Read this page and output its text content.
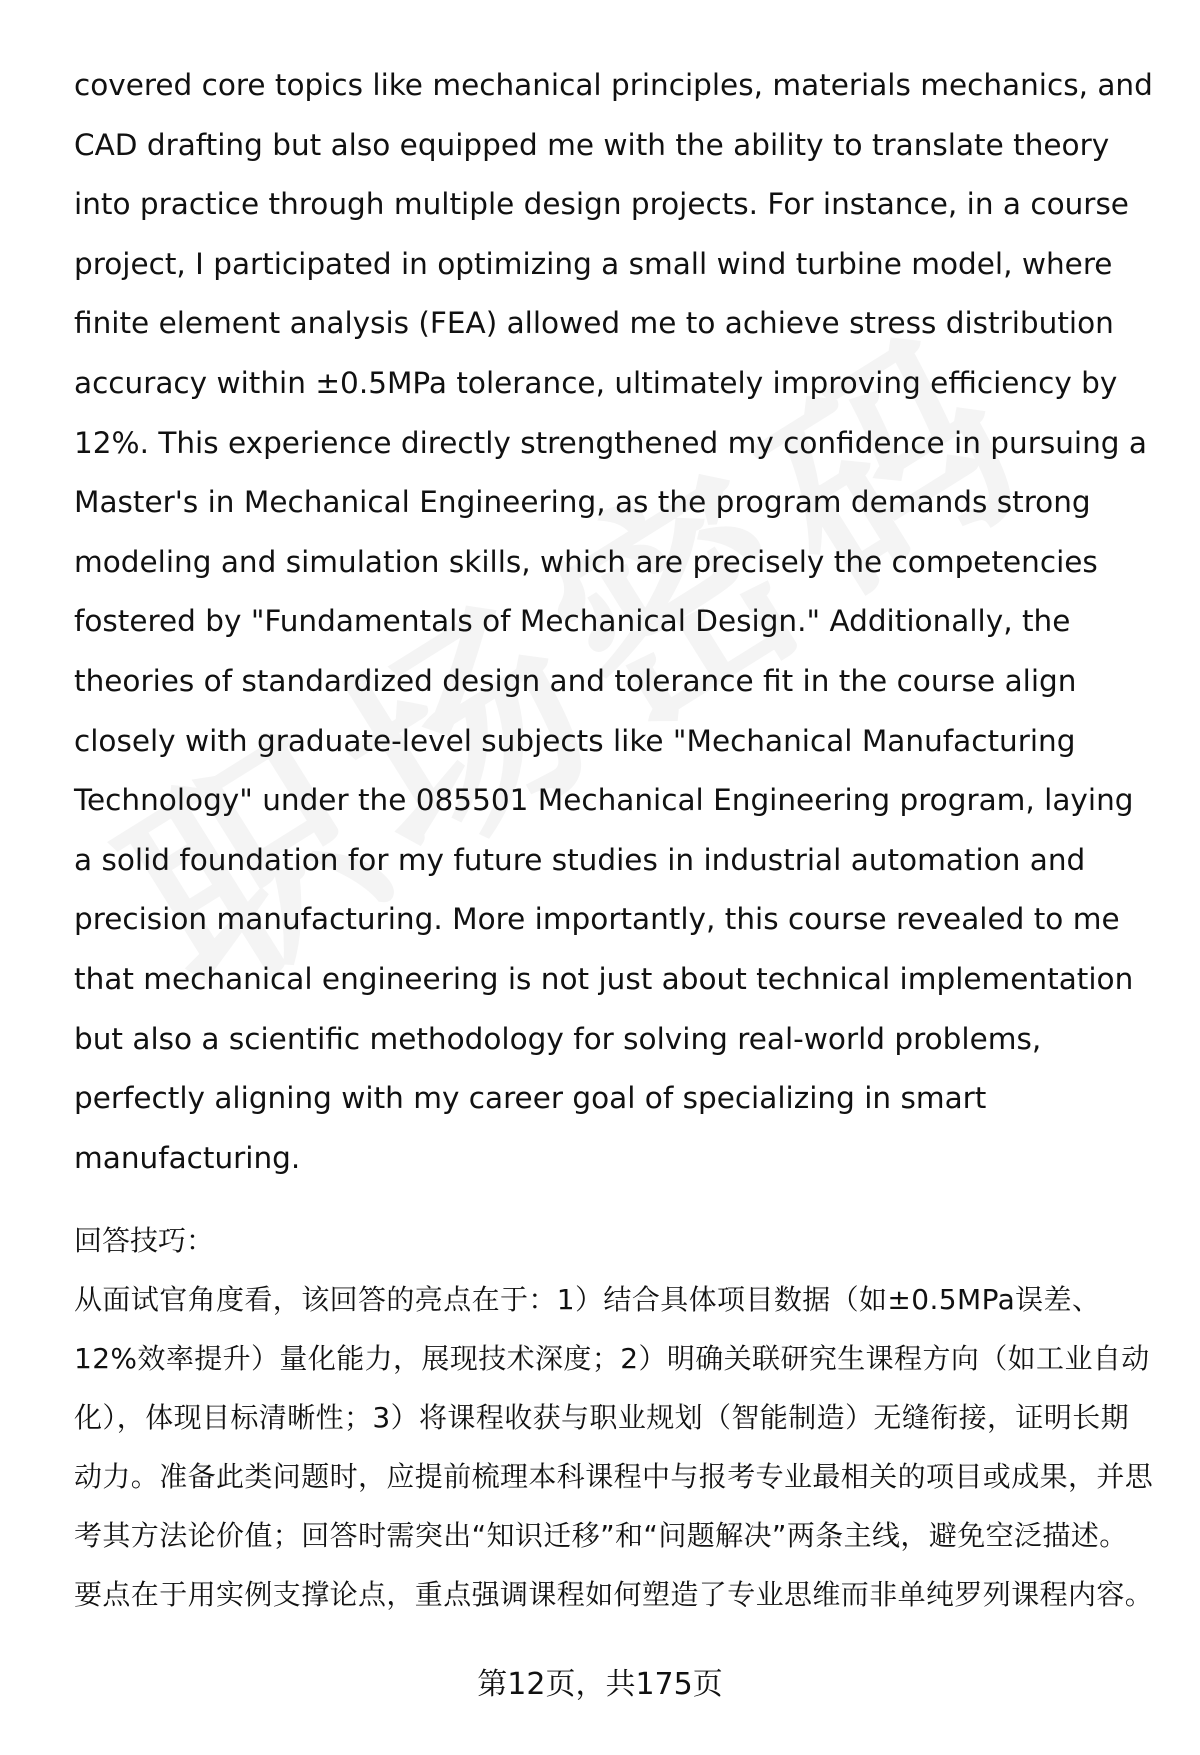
covered core topics like mechanical principles, materials mechanics, and CAD drafting but also equipped me with the ability to translate theory into practice through multiple design projects. For instance, in a course project, I participated in optimizing a small wind turbine model, where finite element analysis (FEA) allowed me to achieve stress distribution accuracy within ±0.5MPa tolerance, ultimately improving efficiency by 12%. This experience directly strengthened my confidence in pursuing a Master's in Mechanical Engineering, as the program demands strong modeling and simulation skills, which are precisely the competencies fostered by "Fundamentals of Mechanical Design." Additionally, the theories of standardized design and tolerance fit in the course align closely with graduate-level subjects like "Mechanical Manufacturing Technology" under the 085501 Mechanical Engineering program, laying a solid foundation for my future studies in industrial automation and precision manufacturing. More importantly, this course revealed to me that mechanical engineering is not just about technical implementation but also a scientific methodology for solving real-world problems, perfectly aligning with my career goal of specializing in smart manufacturing.

回答技巧：

从面试官角度看，该回答的亮点在于：1）结合具体项目数据（如±0.5MPa误差、12%效率提升）量化能力，展现技术深度；2）明确关联研究生课程方向（如工业自动化），体现目标清晰性；3）将课程收获与职业规划（智能制造）无缝衔接，证明长期动力。准备此类问题时，应提前梳理本科课程中与报考专业最相关的项目或成果，并思考其方法论价值；回答时需突出“知识迁移”和“问题解决”两条主线，避免空泛描述。要点在于用实例支撑论点，重点强调课程如何塑造了专业思维而非单纯罗列课程内容。

第12页，共175页
